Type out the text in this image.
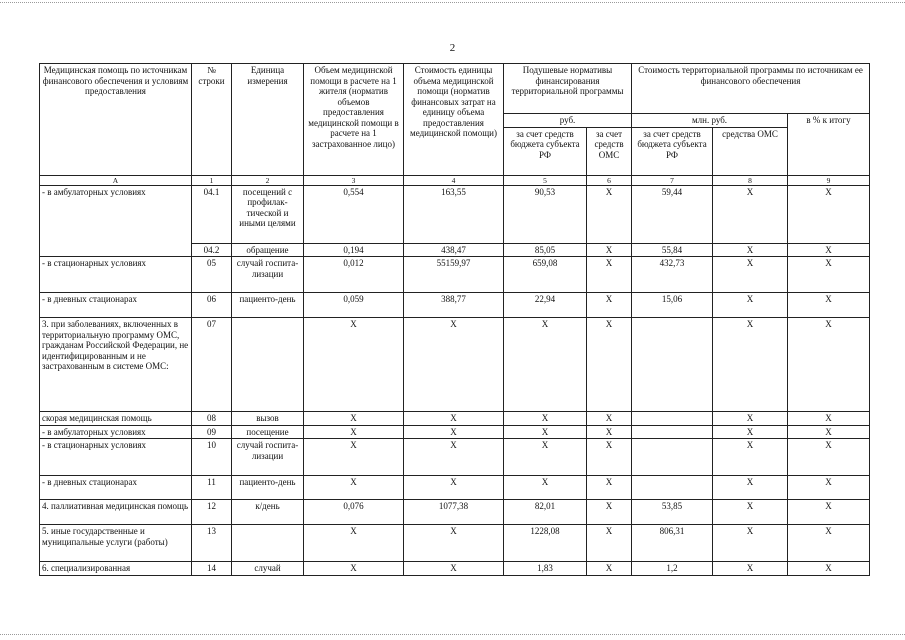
2
Медицинская помощь по источникам финансового обеспечения и условиям предоставления	№ строки	Единица измерения	Объем медицинской помощи в расчете на 1 жителя (норматив объемов предоставления медицинской помощи в расчете на 1 застрахованное лицо)	Стоимость единицы объема медицинской помощи (норматив финансовых затрат на единицу объема предоставления медицинской помощи)	Подушевые нормативы финансирования территориальной программы		Стоимость территориальной программы по источникам ее финансового обеспечения		
					руб.		млн. руб.		в % к итогу
					за счет средств бюджета субъекта РФ	за счет средств ОМС	за счет средств бюджета субъекта РФ	средства ОМС	
А	1	2	3	4	5	6	7	8	9
- в амбулаторных условиях	04.1	посещений с профилак-тической и иными целями	0,554	163,55	90,53	Х	59,44	Х	Х
	04.2	обращение	0,194	438,47	85,05	Х	55,84	Х	Х
- в стационарных условиях	05	случай госпита-лизации	0,012	55159,97	659,08	Х	432,73	Х	Х
- в дневных стационарах	06	пациенто-день	0,059	388,77	22,94	Х	15,06	Х	Х
3. при заболеваниях, включенных в территориальную программу ОМС, гражданам Российской Федерации, не идентифицированным и не застрахованным в системе ОМС:	07		Х	Х	Х	Х		Х	Х
скорая медицинская помощь	08	вызов	Х	Х	Х	Х		Х	Х
- в амбулаторных условиях	09	посещение	Х	Х	Х	Х		Х	Х
- в стационарных условиях	10	случай госпита-лизации	Х	Х	Х	Х		Х	Х
- в дневных стационарах	11	пациенто-день	Х	Х	Х	Х		Х	Х
4. паллиативная медицинская помощь	12	к/день	0,076	1077,38	82,01	Х	53,85	Х	Х
5. иные государственные и муниципальные услуги (работы)	13		Х	Х	1228,08	Х	806,31	Х	Х
6. специализированная	14	случай	Х	Х	1,83	Х	1,2	Х	Х
